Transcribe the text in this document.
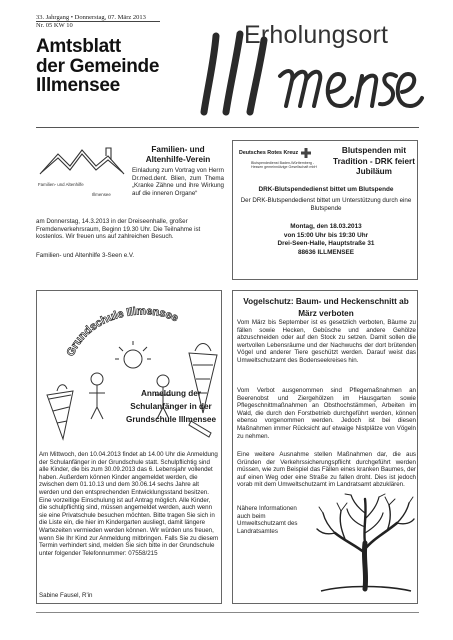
33. Jahrgang • Donnerstag, 07. März 2013
Nr. 05 KW 10
Amtsblatt
der Gemeinde
Illmensee
Erholungsort
Familien- und Altenhilfe
Illmensee
Familien- und Altenhilfe-Verein

Einladung zum Vortrag von Herrn Dr.med.dent. Blien, zum Thema „Kranke Zähne und ihre Wirkung auf die inneren Organe“

am Donnerstag, 14.3.2013 in der Dreiseenhalle, großer Fremdenverkehrsraum, Beginn 19.30 Uhr. Die Teilnahme ist kostenlos. Wir freuen uns auf zahlreichen Besuch.

Familien- und Altenhilfe 3-Seen e.V.

Deutsches Rotes Kreuz
Blutspendedienst Baden-Württemberg - Hessen gemeinnützige Gesellschaft mbH
Blutspenden mit Tradition - DRK feiert Jubiläum

DRK-Blutspendedienst bittet um Blutspende

Der DRK-Blutspendedienst bittet um Unterstützung durch eine Blutspende

Montag, den 18.03.2013
von 15:00 Uhr bis 19:30 Uhr
Drei-Seen-Halle, Hauptstraße 31
88636 ILLMENSEE
Grundschule Illmensee
Anmeldung der Schulanfänger in der Grundschule Illmensee

Am Mittwoch, den 10.04.2013 findet ab 14.00 Uhr die Anmeldung der Schulanfänger in der Grundschule statt. Schulpflichtig sind alle Kinder, die bis zum 30.09.2013 das 6. Lebensjahr vollendet haben. Außerdem können Kinder angemeldet werden, die zwischen dem 01.10.13 und dem 30.06.14 sechs Jahre alt werden und den entsprechenden Entwicklungsstand besitzen. Eine vorzeitige Einschulung ist auf Antrag möglich. Alle Kinder, die schulpflichtig sind, müssen angemeldet werden, auch wenn sie eine Privatschule besuchen möchten. Bitte tragen Sie sich in die Liste ein, die hier im Kindergarten ausliegt, damit längere Wartezeiten vermieden werden können. Wir würden uns freuen, wenn Sie Ihr Kind zur Anmeldung mitbringen. Falls Sie zu diesem Termin verhindert sind, melden Sie sich bitte in der Grundschule unter folgender Telefonnummer: 07558/215

Sabine Fausel, R'in

Vogelschutz: Baum- und Heckenschnitt ab März verboten

Vom März bis September ist es gesetzlich verboten, Bäume zu fällen sowie Hecken, Gebüsche und andere Gehölze abzuschneiden oder auf den Stock zu setzen. Damit sollen die wertvollen Lebensräume und der Nachwuchs der dort brütenden Vögel und anderer Tiere geschützt werden. Darauf weist das Umweltschutzamt des Bodenseekreises hin.

Vom Verbot ausgenommen sind Pflegemaßnahmen an Beerenobst und Ziergehölzen im Hausgarten sowie Pflegeschnittmaßnahmen an Obsthochstämmen, Arbeiten im Wald, die durch den Forstbetrieb durchgeführt werden, können ebenso vorgenommen werden. Jedoch ist bei diesen Maßnahmen immer Rücksicht auf etwaige Nistplätze von Vögeln zu nehmen.

Eine weitere Ausnahme stellen Maßnahmen dar, die aus Gründen der Verkehrssicherungspflicht durchgeführt werden müssen, wie zum Beispiel das Fällen eines kranken Baumes, der auf einen Weg oder eine Straße zu fallen droht. Dies ist jedoch vorab mit dem Umweltschutzamt im Landratsamt abzuklären.

Nähere Informationen auch beim Umweltschutzamt des Landratsamtes
